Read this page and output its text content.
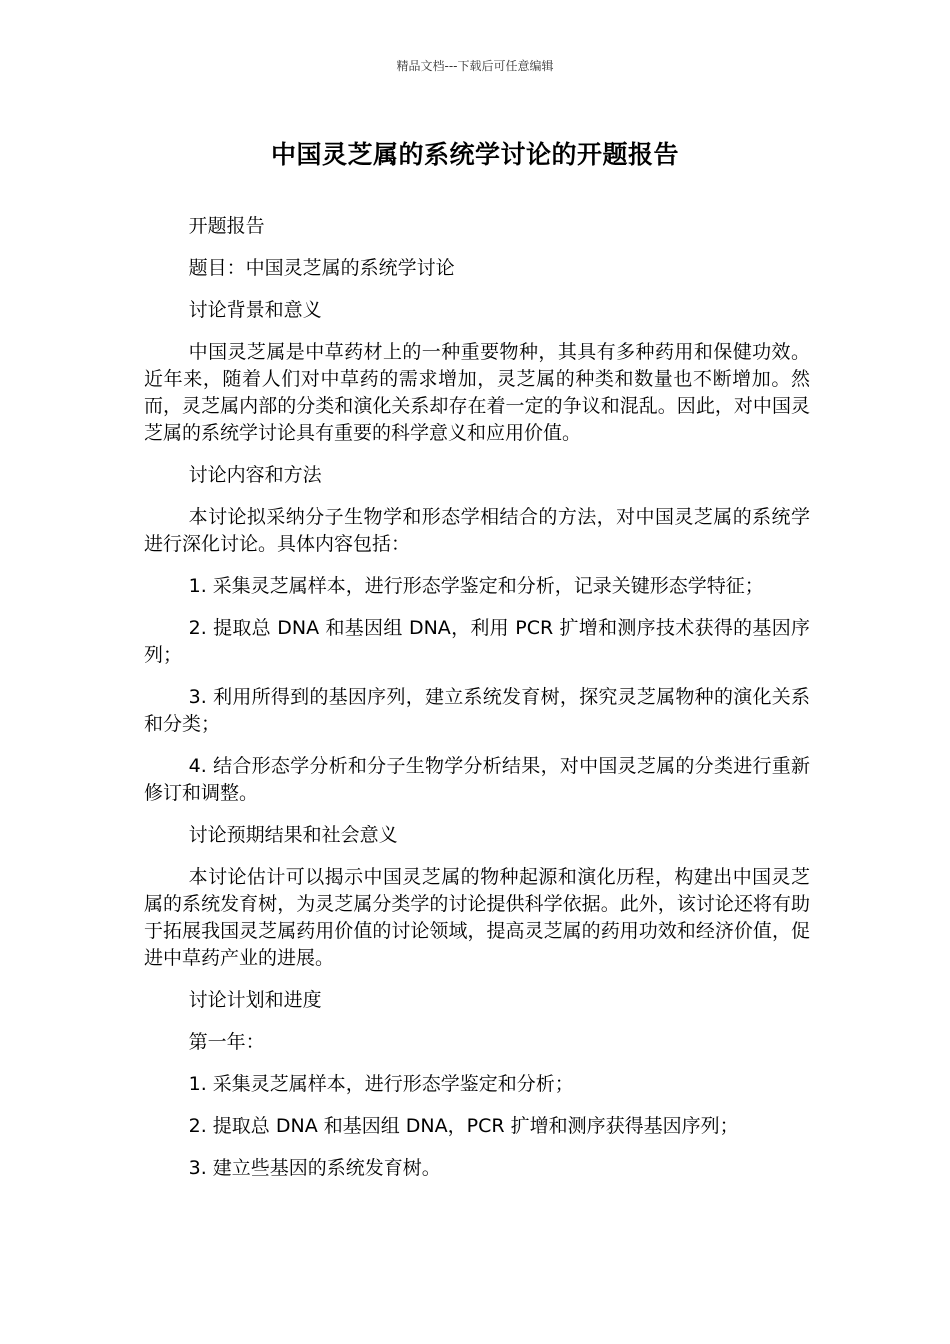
精品文档---下载后可任意编辑
中国灵芝属的系统学讨论的开题报告

开题报告

题目：中国灵芝属的系统学讨论

讨论背景和意义

中国灵芝属是中草药材上的一种重要物种，其具有多种药用和保健功效。近年来，随着人们对中草药的需求增加，灵芝属的种类和数量也不断增加。然而，灵芝属内部的分类和演化关系却存在着一定的争议和混乱。因此，对中国灵芝属的系统学讨论具有重要的科学意义和应用价值。

讨论内容和方法

本讨论拟采纳分子生物学和形态学相结合的方法，对中国灵芝属的系统学进行深化讨论。具体内容包括：

1. 采集灵芝属样本，进行形态学鉴定和分析，记录关键形态学特征；

2. 提取总 DNA 和基因组 DNA，利用 PCR 扩增和测序技术获得的基因序列；

3. 利用所得到的基因序列，建立系统发育树，探究灵芝属物种的演化关系和分类；

4. 结合形态学分析和分子生物学分析结果，对中国灵芝属的分类进行重新修订和调整。

讨论预期结果和社会意义

本讨论估计可以揭示中国灵芝属的物种起源和演化历程，构建出中国灵芝属的系统发育树，为灵芝属分类学的讨论提供科学依据。此外，该讨论还将有助于拓展我国灵芝属药用价值的讨论领域，提高灵芝属的药用功效和经济价值，促进中草药产业的进展。

讨论计划和进度

第一年：

1. 采集灵芝属样本，进行形态学鉴定和分析；

2. 提取总 DNA 和基因组 DNA，PCR 扩增和测序获得基因序列；

3. 建立些基因的系统发育树。
